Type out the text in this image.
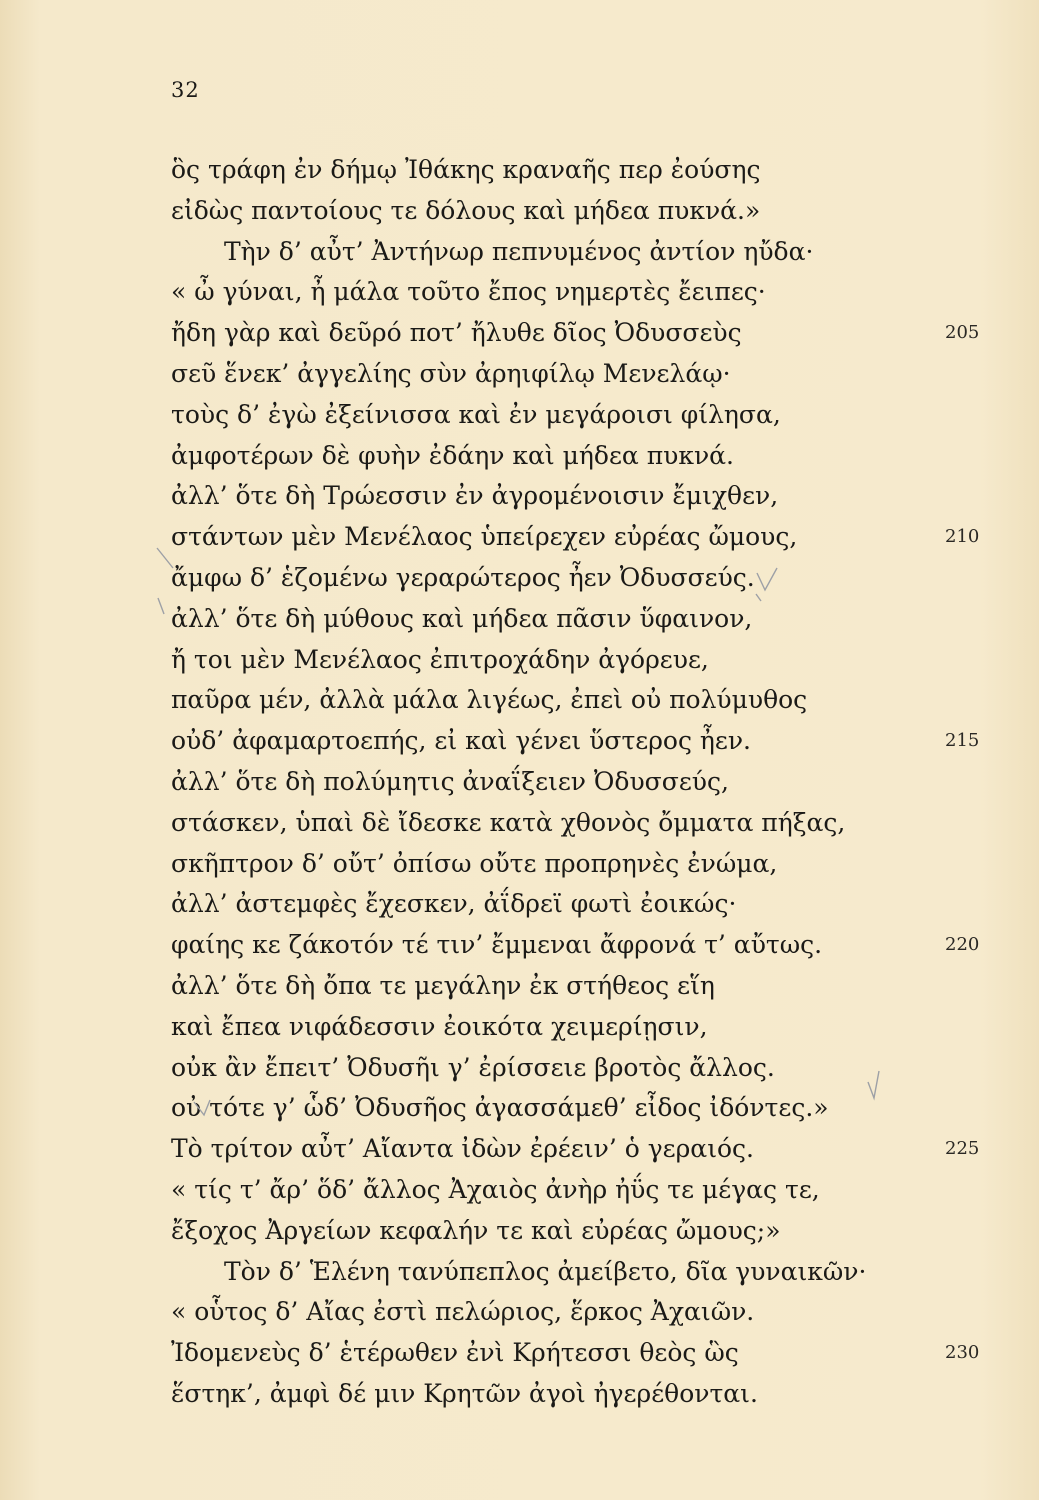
32
ὃς τράφη ἐν δήμῳ Ἰθάκης κραναῆς περ ἐούσης
εἰδὼς παντοίους τε δόλους καὶ μήδεα πυκνά.»
Τὴν δ’ αὖτ’ Ἀντήνωρ πεπνυμένος ἀντίον ηὔδα·
« ὦ γύναι, ἦ μάλα τοῦτο ἔπος νημερτὲς ἔειπες·
ἤδη γὰρ καὶ δεῦρό ποτ’ ἤλυθε δῖος Ὀδυσσεὺς	205
σεῦ ἕνεκ’ ἀγγελίης σὺν ἀρηιφίλῳ Μενελάῳ·
τοὺς δ’ ἐγὼ ἐξείνισσα καὶ ἐν μεγάροισι φίλησα,
ἀμφοτέρων δὲ φυὴν ἐδάην καὶ μήδεα πυκνά.
ἀλλ’ ὅτε δὴ Τρώεσσιν ἐν ἀγρομένοισιν ἔμιχθεν,
στάντων μὲν Μενέλαος ὑπείρεχεν εὐρέας ὤμους,	210
ἄμφω δ’ ἑζομένω γεραρώτερος ἦεν Ὀδυσσεύς.
ἀλλ’ ὅτε δὴ μύθους καὶ μήδεα πᾶσιν ὕφαινον,
ἤ τοι μὲν Μενέλαος ἐπιτροχάδην ἀγόρευε,
παῦρα μέν, ἀλλὰ μάλα λιγέως, ἐπεὶ οὐ πολύμυθος
οὐδ’ ἀφαμαρτοεπής, εἰ καὶ γένει ὕστερος ἦεν.	215
ἀλλ’ ὅτε δὴ πολύμητις ἀναΐξειεν Ὀδυσσεύς,
στάσκεν, ὑπαὶ δὲ ἴδεσκε κατὰ χθονὸς ὄμματα πήξας,
σκῆπτρον δ’ οὔτ’ ὀπίσω οὔτε προπρηνὲς ἐνώμα,
ἀλλ’ ἀστεμφὲς ἔχεσκεν, ἀΐδρεϊ φωτὶ ἐοικώς·
φαίης κε ζάκοτόν τέ τιν’ ἔμμεναι ἄφρονά τ’ αὔτως.	220
ἀλλ’ ὅτε δὴ ὄπα τε μεγάλην ἐκ στήθεος εἵη
καὶ ἔπεα νιφάδεσσιν ἐοικότα χειμερίῃσιν,
οὐκ ἂν ἔπειτ’ Ὀδυσῆι γ’ ἐρίσσειε βροτὸς ἄλλος.
οὐ τότε γ’ ὧδ’ Ὀδυσῆος ἀγασσάμεθ’ εἶδος ἰδόντες.»
Τὸ τρίτον αὖτ’ Αἴαντα ἰδὼν ἐρέειν’ ὁ γεραιός.	225
« τίς τ’ ἄρ’ ὅδ’ ἄλλος Ἀχαιὸς ἀνὴρ ἠΰς τε μέγας τε,
ἔξοχος Ἀργείων κεφαλήν τε καὶ εὐρέας ὤμους;»
Τὸν δ’ Ἑλένη τανύπεπλος ἀμείβετο, δῖα γυναικῶν·
« οὗτος δ’ Αἴας ἐστὶ πελώριος, ἕρκος Ἀχαιῶν.
Ἰδομενεὺς δ’ ἑτέρωθεν ἐνὶ Κρήτεσσι θεὸς ὣς	230
ἕστηκ’, ἀμφὶ δέ μιν Κρητῶν ἀγοὶ ἠγερέθονται.
